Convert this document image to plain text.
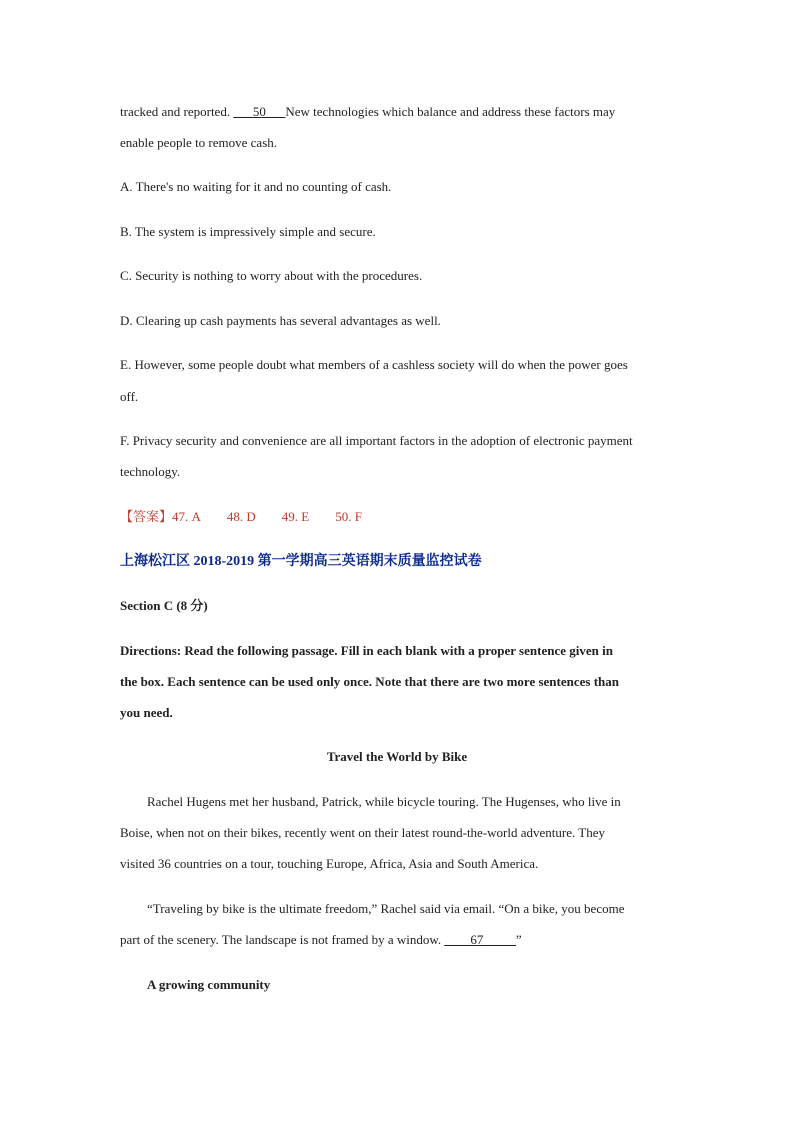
tracked and reported. ___50___New technologies which balance and address these factors may
enable people to remove cash.
A. There's no waiting for it and no counting of cash.
B. The system is impressively simple and secure.
C. Security is nothing to worry about with the procedures.
D. Clearing up cash payments has several advantages as well.
E. However, some people doubt what members of a cashless society will do when the power goes
off.
F. Privacy security and convenience are all important factors in the adoption of electronic payment
technology.
【答案】47. A 48. D 49. E 50. F
上海松江区 2018-2019 第一学期高三英语期末质量监控试卷
Section C (8 分)
Directions: Read the following passage. Fill in each blank with a proper sentence given in
the box. Each sentence can be used only once. Note that there are two more sentences than
you need.
Travel the World by Bike
Rachel Hugens met her husband, Patrick, while bicycle touring. The Hugenses, who live in
Boise, when not on their bikes, recently went on their latest round-the-world adventure. They
visited 36 countries on a tour, touching Europe, Africa, Asia and South America.
“Traveling by bike is the ultimate freedom,” Rachel said via email. “On a bike, you become
part of the scenery. The landscape is not framed by a window. ____67_____”
A growing community
